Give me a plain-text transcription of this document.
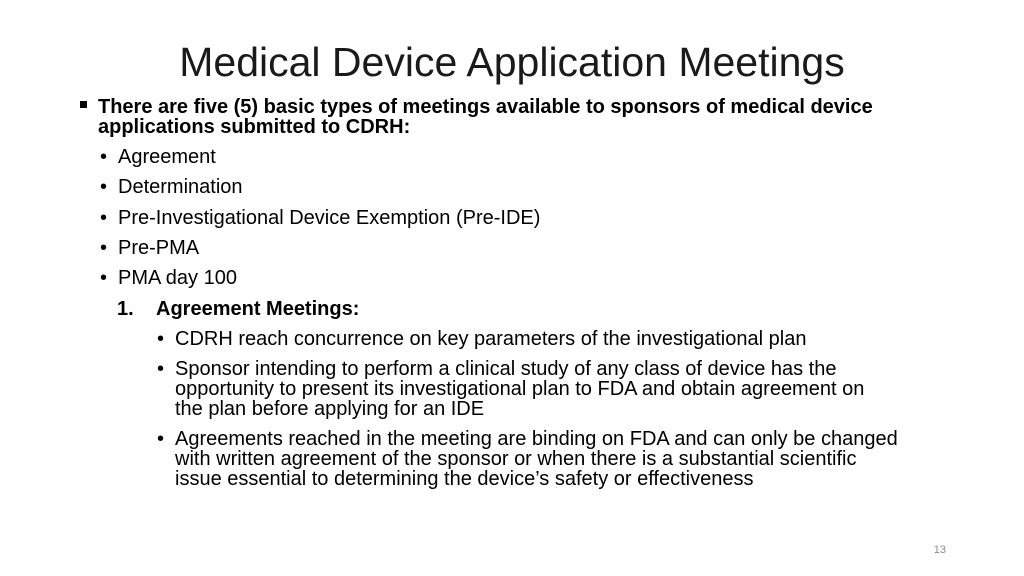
Medical Device Application Meetings
There are five (5) basic types of meetings available to sponsors of medical device
applications submitted to CDRH:
• Agreement
• Determination
• Pre-Investigational Device Exemption (Pre-IDE)
• Pre-PMA
• PMA day 100
1. Agreement Meetings:
• CDRH reach concurrence on key parameters of the investigational plan
• Sponsor intending to perform a clinical study of any class of device has the
opportunity to present its investigational plan to FDA and obtain agreement on
the plan before applying for an IDE
• Agreements reached in the meeting are binding on FDA and can only be changed
with written agreement of the sponsor or when there is a substantial scientific
issue essential to determining the device’s safety or effectiveness
13
